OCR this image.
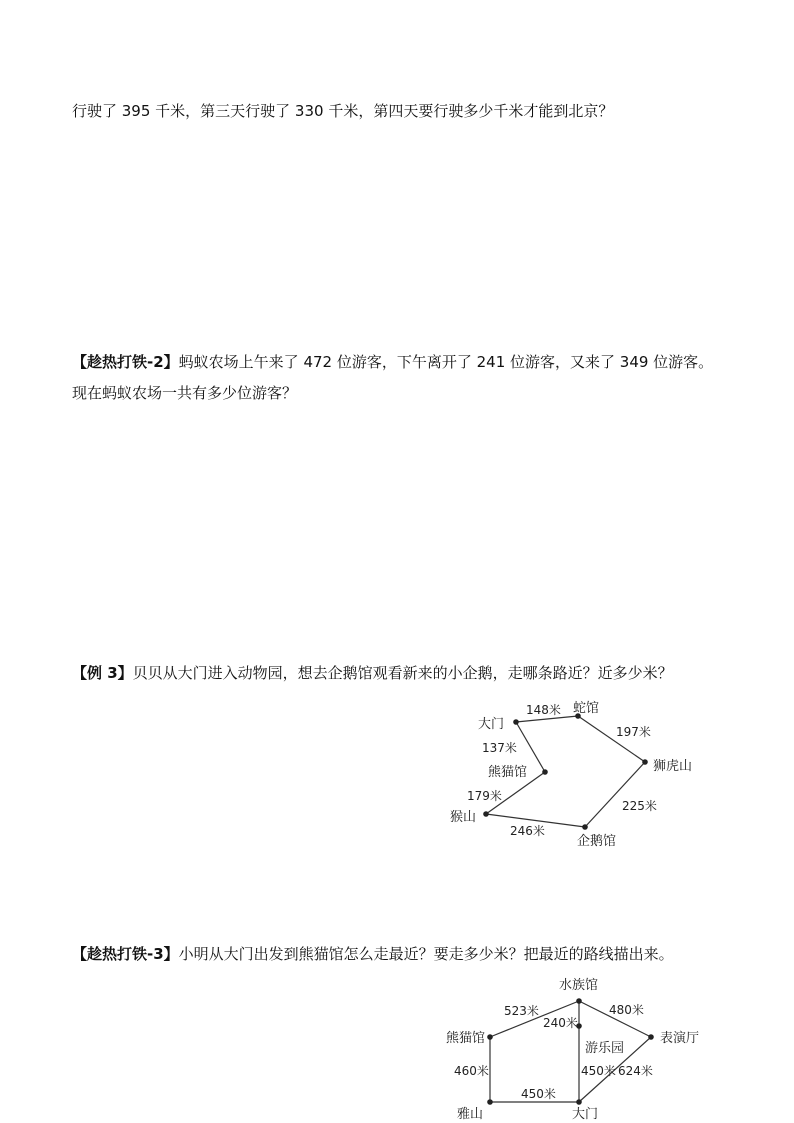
行驶了 395 千米，第三天行驶了 330 千米，第四天要行驶多少千米才能到北京？
【趁热打铁-2】蚂蚁农场上午来了 472 位游客，下午离开了 241 位游客，又来了 349 位游客。
现在蚂蚁农场一共有多少位游客？
【例 3】贝贝从大门进入动物园，想去企鹅馆观看新来的小企鹅，走哪条路近？近多少米？
大门
蛇馆
狮虎山
熊猫馆
猴山
企鹅馆
148米
197米
137米
179米
246米
225米
【趁热打铁-3】小明从大门出发到熊猫馆怎么走最近？要走多少米？把最近的路线描出来。
水族馆
熊猫馆	表演厅
游乐园
雅山	大门
523米	480米
240米
460米
450米
450米 624米
